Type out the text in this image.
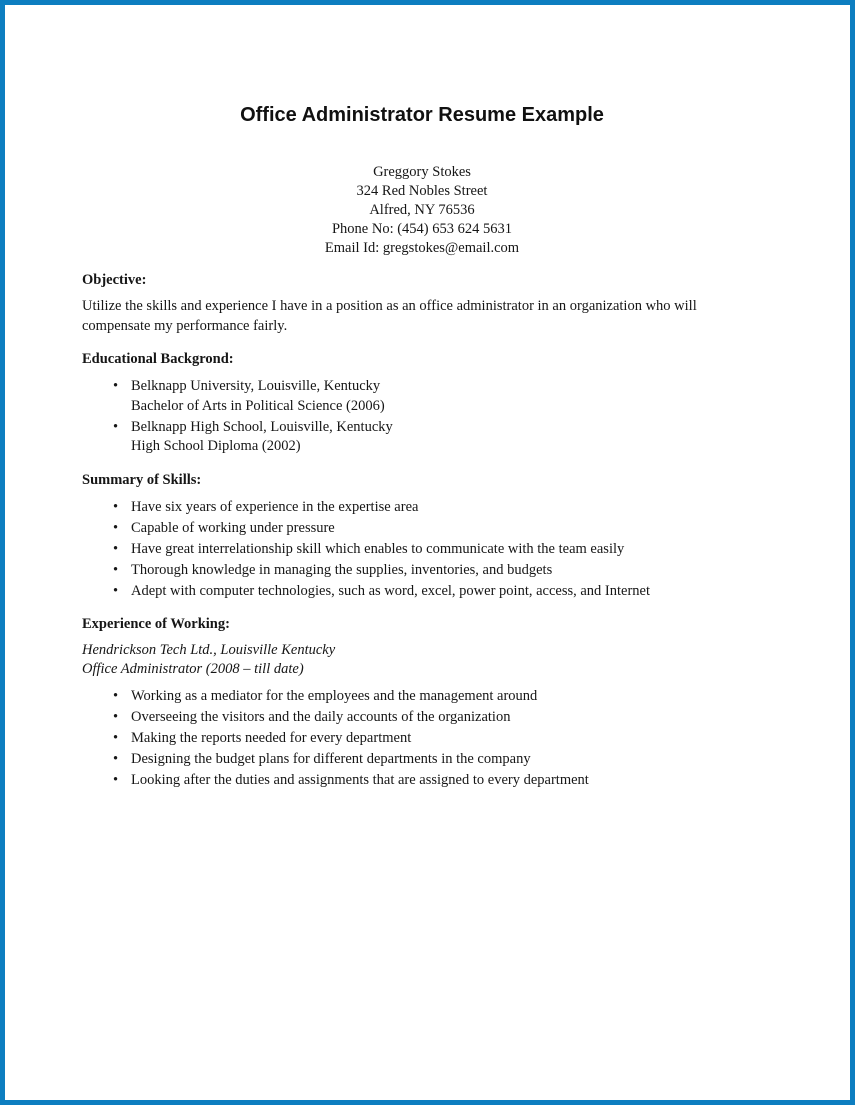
Office Administrator Resume Example
Greggory Stokes
324 Red Nobles Street
Alfred, NY 76536
Phone No: (454) 653 624 5631
Email Id: gregstokes@email.com
Objective:

Utilize the skills and experience I have in a position as an office administrator in an organization who will compensate my performance fairly.

Educational Backgrond:
• Belknapp University, Louisville, Kentucky
Bachelor of Arts in Political Science (2006)
• Belknapp High School, Louisville, Kentucky
High School Diploma (2002)
Summary of Skills:
• Have six years of experience in the expertise area
• Capable of working under pressure
• Have great interrelationship skill which enables to communicate with the team easily
• Thorough knowledge in managing the supplies, inventories, and budgets
• Adept with computer technologies, such as word, excel, power point, access, and Internet
Experience of Working:
Hendrickson Tech Ltd., Louisville Kentucky
Office Administrator (2008 – till date)
• Working as a mediator for the employees and the management around
• Overseeing the visitors and the daily accounts of the organization
• Making the reports needed for every department
• Designing the budget plans for different departments in the company
• Looking after the duties and assignments that are assigned to every department
